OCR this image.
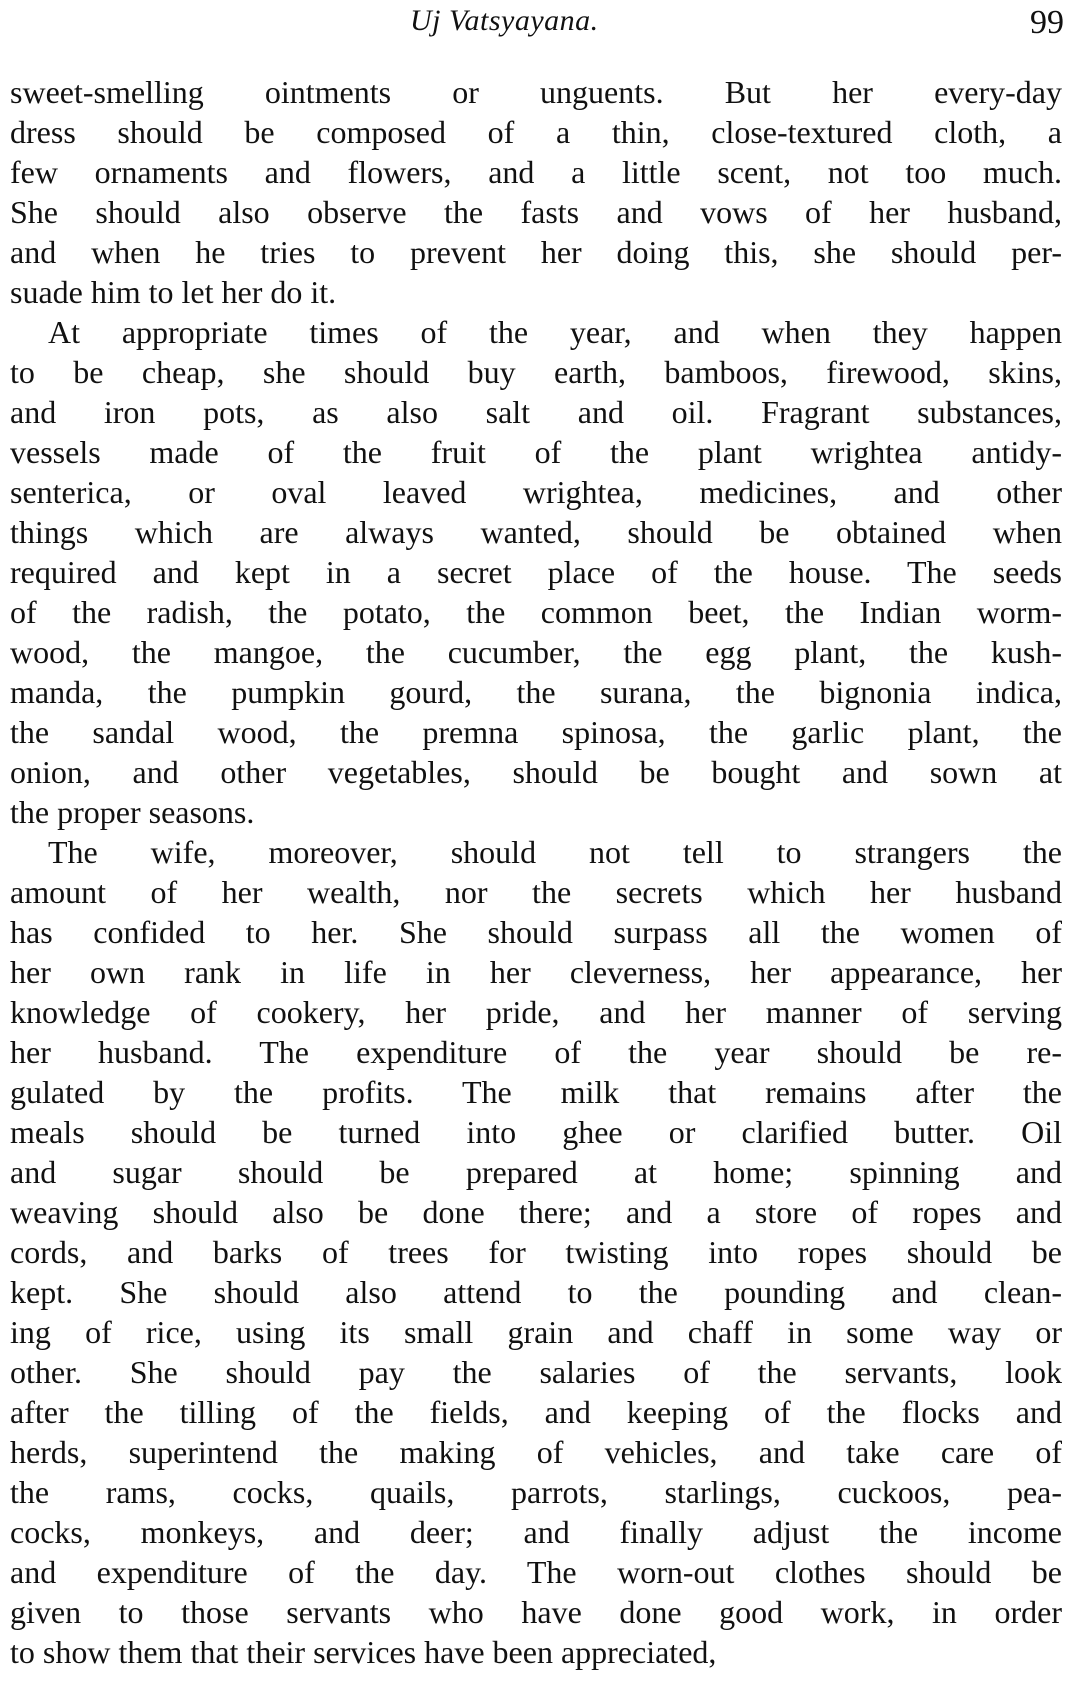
Uj Vatsyayana.	99
sweet-smelling ointments or unguents. But her every-day
dress should be composed of a thin, close-textured cloth, a
few ornaments and flowers, and a little scent, not too much.
She should also observe the fasts and vows of her husband,
and when he tries to prevent her doing this, she should per-
suade him to let her do it.
At appropriate times of the year, and when they happen
to be cheap, she should buy earth, bamboos, firewood, skins,
and iron pots, as also salt and oil. Fragrant substances,
vessels made of the fruit of the plant wrightea antidy-
senterica, or oval leaved wrightea, medicines, and other
things which are always wanted, should be obtained when
required and kept in a secret place of the house. The seeds
of the radish, the potato, the common beet, the Indian worm-
wood, the mangoe, the cucumber, the egg plant, the kush-
manda, the pumpkin gourd, the surana, the bignonia indica,
the sandal wood, the premna spinosa, the garlic plant, the
onion, and other vegetables, should be bought and sown at
the proper seasons.
The wife, moreover, should not tell to strangers the
amount of her wealth, nor the secrets which her husband
has confided to her. She should surpass all the women of
her own rank in life in her cleverness, her appearance, her
knowledge of cookery, her pride, and her manner of serving
her husband. The expenditure of the year should be re-
gulated by the profits. The milk that remains after the
meals should be turned into ghee or clarified butter. Oil
and sugar should be prepared at home; spinning and
weaving should also be done there; and a store of ropes and
cords, and barks of trees for twisting into ropes should be
kept. She should also attend to the pounding and clean-
ing of rice, using its small grain and chaff in some way or
other. She should pay the salaries of the servants, look
after the tilling of the fields, and keeping of the flocks and
herds, superintend the making of vehicles, and take care of
the rams, cocks, quails, parrots, starlings, cuckoos, pea-
cocks, monkeys, and deer; and finally adjust the income
and expenditure of the day. The worn-out clothes should be
given to those servants who have done good work, in order
to show them that their services have been appreciated,
